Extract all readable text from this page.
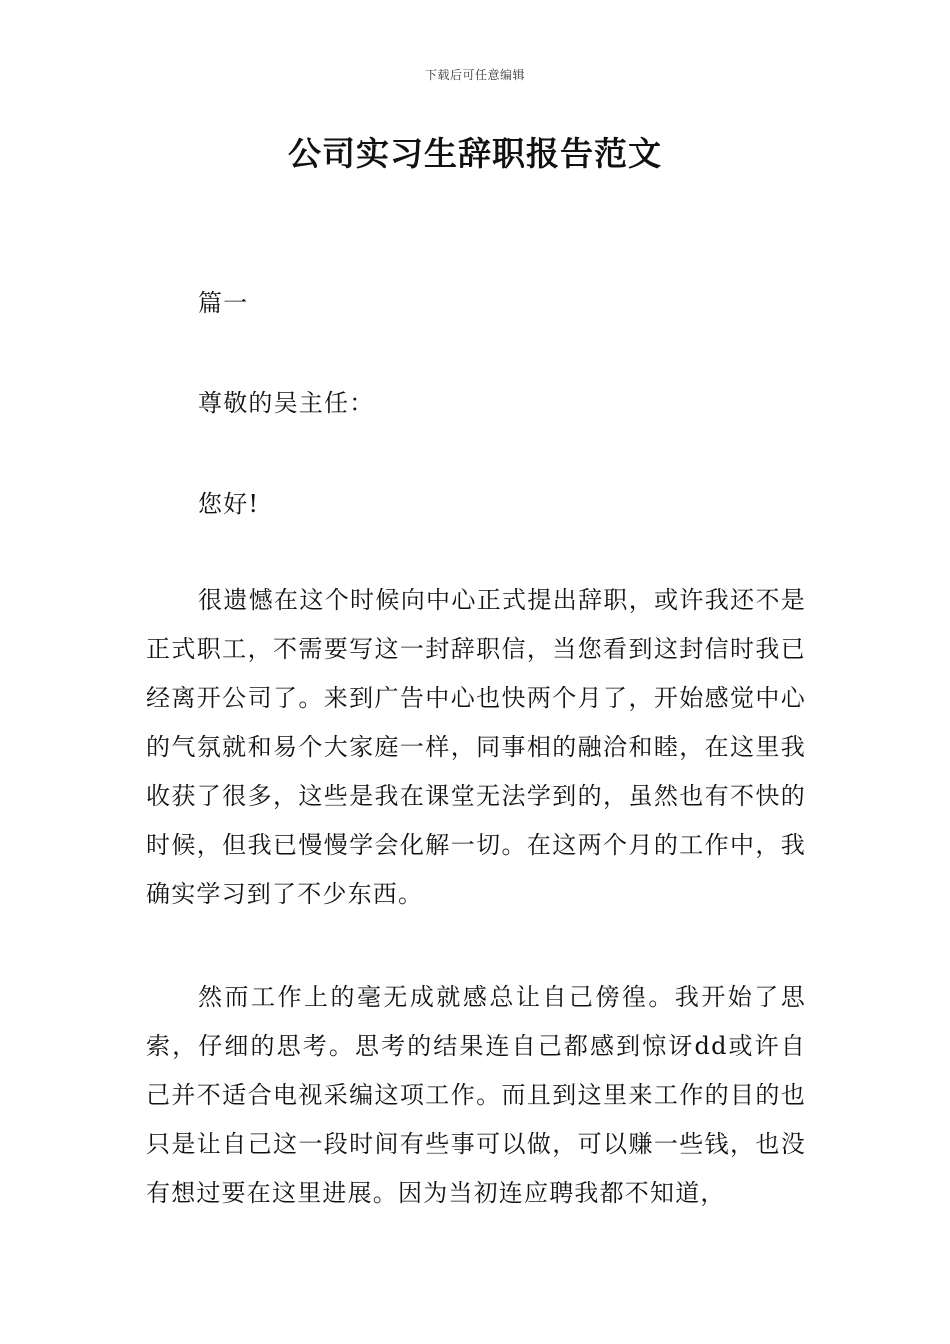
下载后可任意编辑
公司实习生辞职报告范文
篇一
尊敬的吴主任：
您好!

很遗憾在这个时候向中心正式提出辞职，或许我还不是正式职工，不需要写这一封辞职信，当您看到这封信时我已经离开公司了。来到广告中心也快两个月了，开始感觉中心的气氛就和易个大家庭一样，同事相的融洽和睦，在这里我收获了很多，这些是我在课堂无法学到的，虽然也有不快的时候，但我已慢慢学会化解一切。在这两个月的工作中，我确实学习到了不少东西。

然而工作上的毫无成就感总让自己傍徨。我开始了思索，仔细的思考。思考的结果连自己都感到惊讶dd或许自己并不适合电视采编这项工作。而且到这里来工作的目的也只是让自己这一段时间有些事可以做，可以赚一些钱，也没有想过要在这里进展。因为当初连应聘我都不知道，
